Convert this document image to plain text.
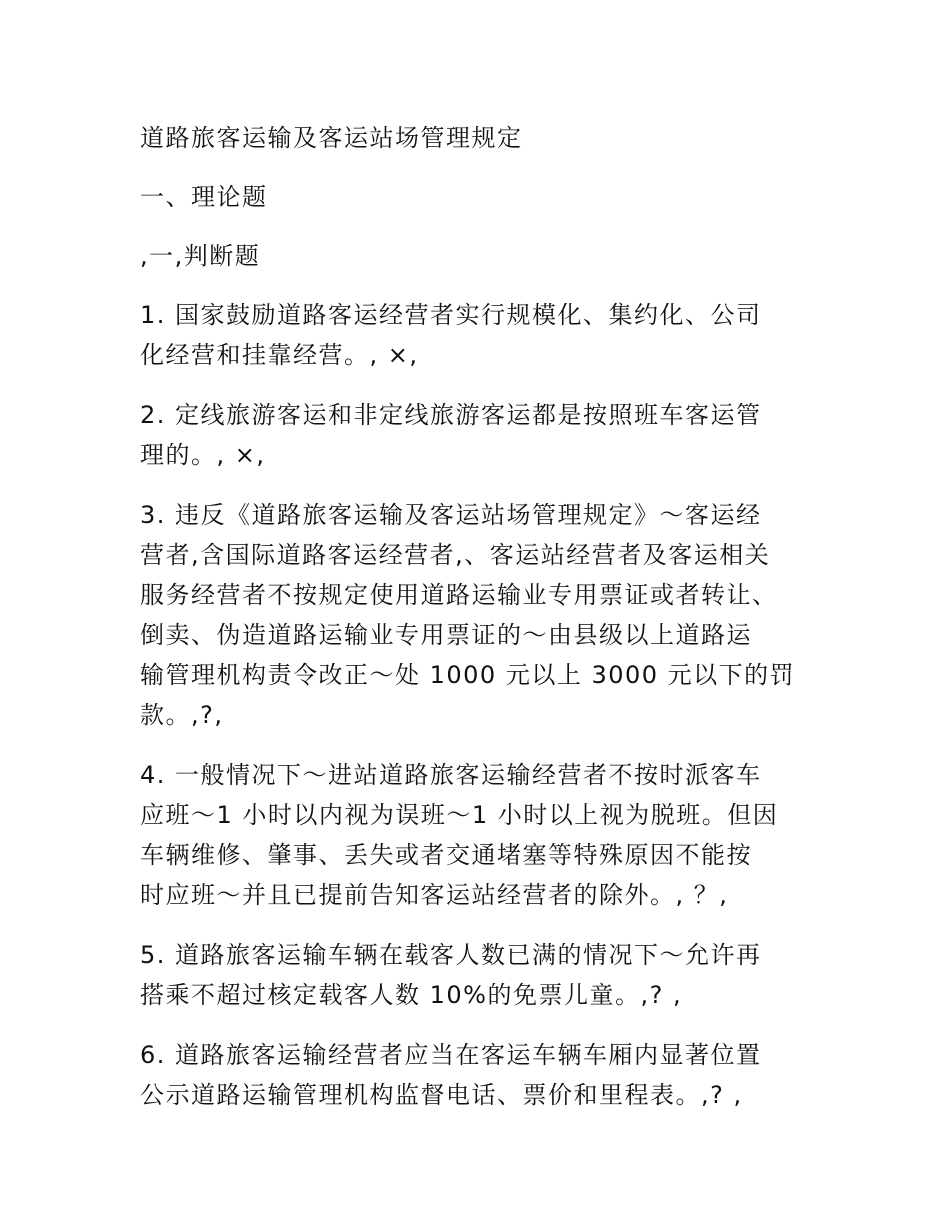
道路旅客运输及客运站场管理规定

一、理论题

,一,判断题

1. 国家鼓励道路客运经营者实行规模化、集约化、公司

化经营和挂靠经营。, ×,

2. 定线旅游客运和非定线旅游客运都是按照班车客运管

理的。, ×,

3. 违反《道路旅客运输及客运站场管理规定》～客运经

营者,含国际道路客运经营者,、客运站经营者及客运相关

服务经营者不按规定使用道路运输业专用票证或者转让、

倒卖、伪造道路运输业专用票证的～由县级以上道路运

输管理机构责令改正～处 1000 元以上 3000 元以下的罚

款。,?,

4. 一般情况下～进站道路旅客运输经营者不按时派客车

应班～1 小时以内视为误班～1 小时以上视为脱班。但因

车辆维修、肇事、丢失或者交通堵塞等特殊原因不能按

时应班～并且已提前告知客运站经营者的除外。, ？,

5. 道路旅客运输车辆在载客人数已满的情况下～允许再

搭乘不超过核定载客人数 10%的免票儿童。,? ,

6. 道路旅客运输经营者应当在客运车辆车厢内显著位置

公示道路运输管理机构监督电话、票价和里程表。,? ,
